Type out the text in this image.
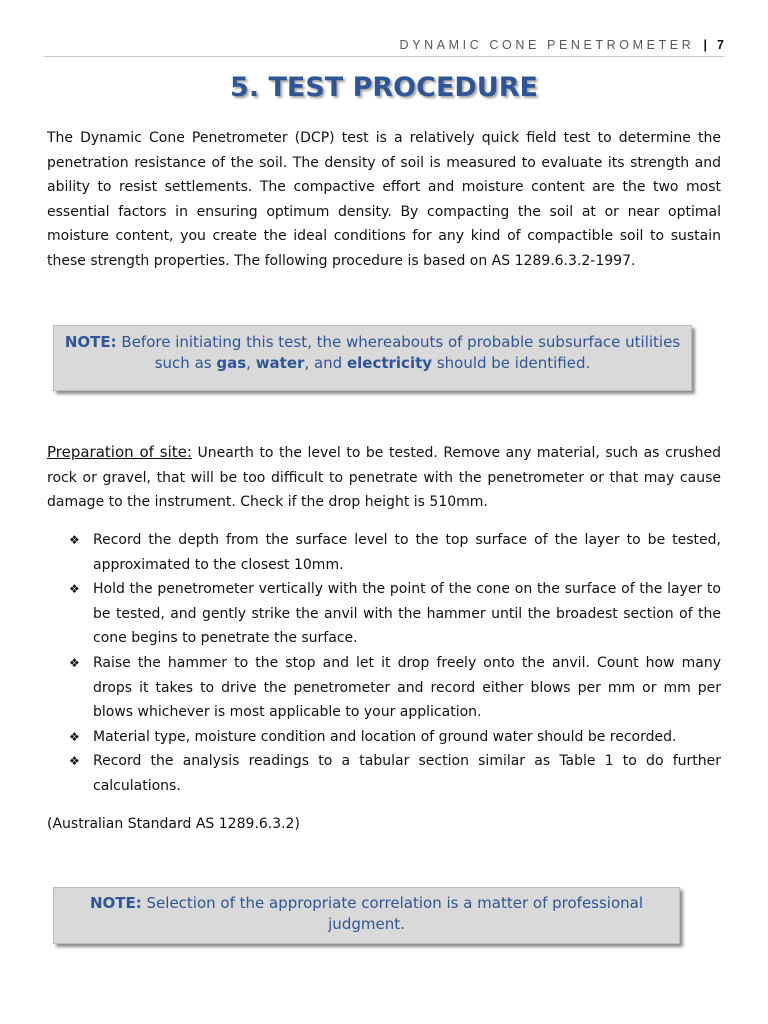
DYNAMIC CONE PENETROMETER | 7
5. TEST PROCEDURE

The Dynamic Cone Penetrometer (DCP) test is a relatively quick field test to determine the penetration resistance of the soil. The density of soil is measured to evaluate its strength and ability to resist settlements. The compactive effort and moisture content are the two most essential factors in ensuring optimum density. By compacting the soil at or near optimal moisture content, you create the ideal conditions for any kind of compactible soil to sustain these strength properties. The following procedure is based on AS 1289.6.3.2-1997.

NOTE: Before initiating this test, the whereabouts of probable subsurface utilities such as gas, water, and electricity should be identified.

Preparation of site: Unearth to the level to be tested. Remove any material, such as crushed rock or gravel, that will be too difficult to penetrate with the penetrometer or that may cause damage to the instrument. Check if the drop height is 510mm.

❖ Record the depth from the surface level to the top surface of the layer to be tested, approximated to the closest 10mm.
❖ Hold the penetrometer vertically with the point of the cone on the surface of the layer to be tested, and gently strike the anvil with the hammer until the broadest section of the cone begins to penetrate the surface.
❖ Raise the hammer to the stop and let it drop freely onto the anvil. Count how many drops it takes to drive the penetrometer and record either blows per mm or mm per blows whichever is most applicable to your application.
❖ Material type, moisture condition and location of ground water should be recorded.
❖ Record the analysis readings to a tabular section similar as Table 1 to do further calculations.

(Australian Standard AS 1289.6.3.2)

NOTE: Selection of the appropriate correlation is a matter of professional judgment.
